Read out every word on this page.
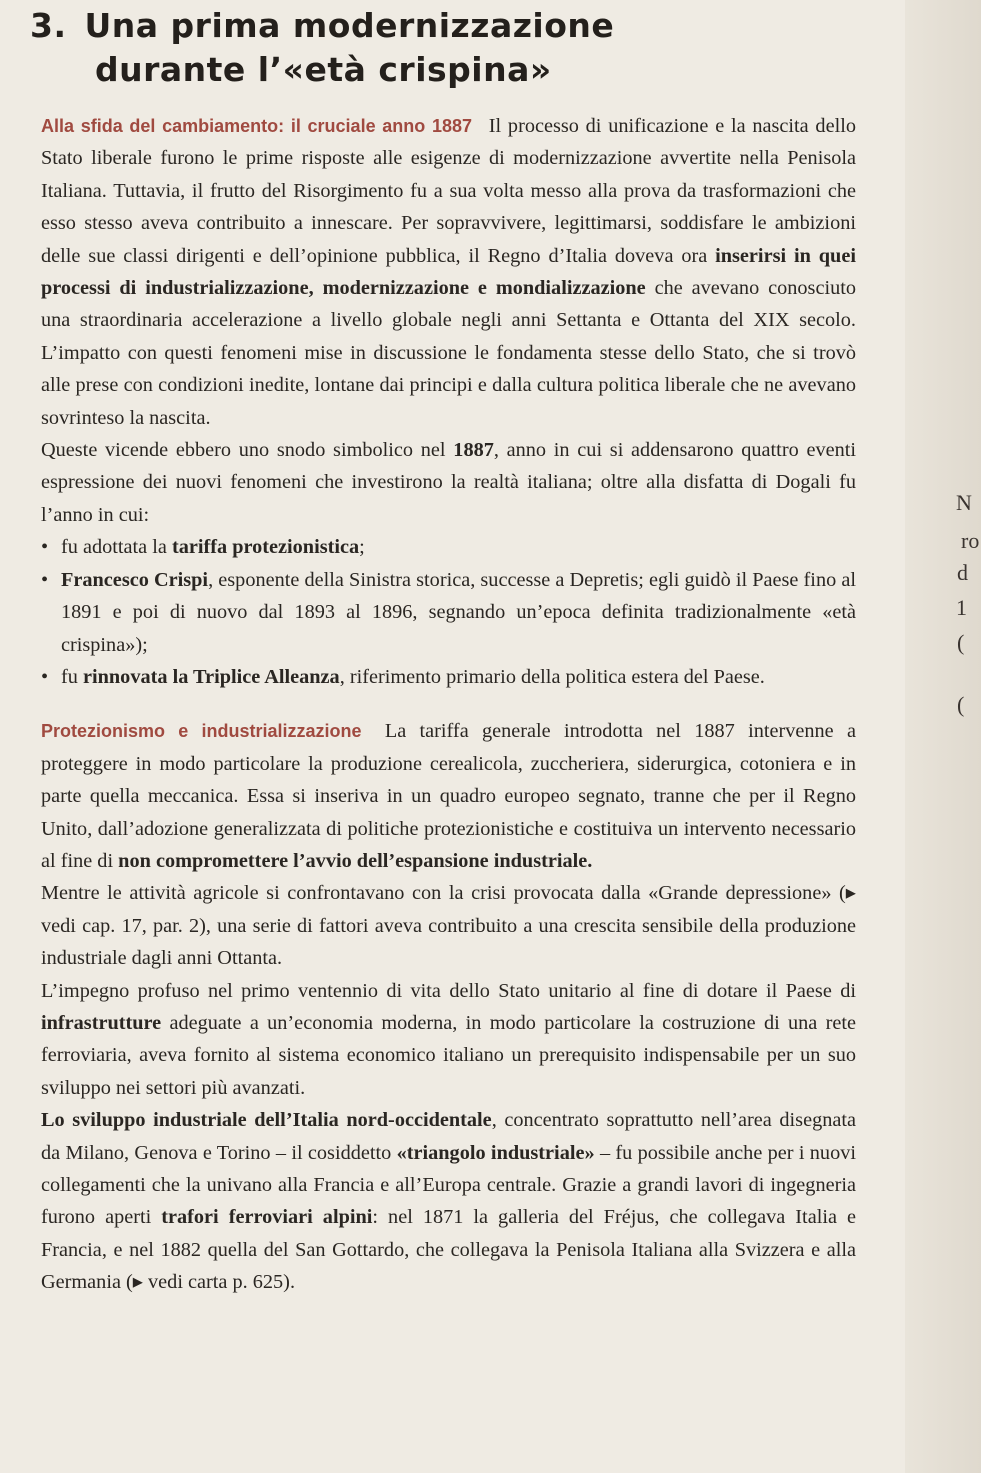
N
ro
d
1
(
(
3. Una prima modernizzazione
durante l’«età crispina»

Alla sfida del cambiamento: il cruciale anno 1887 Il processo di unificazione e la nascita dello Stato liberale furono le prime risposte alle esigenze di modernizzazione avvertite nella Penisola Italiana. Tuttavia, il frutto del Risorgimento fu a sua volta messo alla prova da trasformazioni che esso stesso aveva contribuito a innescare. Per sopravvivere, legittimarsi, soddisfare le ambizioni delle sue classi dirigenti e dell’opinione pubblica, il Regno d’Italia doveva ora inserirsi in quei processi di industrializzazione, modernizzazione e mondializzazione che avevano conosciuto una straordinaria accelerazione a livello globale negli anni Settanta e Ottanta del XIX secolo. L’impatto con questi fenomeni mise in discussione le fondamenta stesse dello Stato, che si trovò alle prese con condizioni inedite, lontane dai principi e dalla cultura politica liberale che ne avevano sovrinteso la nascita.

Queste vicende ebbero uno snodo simbolico nel 1887, anno in cui si addensarono quattro eventi espressione dei nuovi fenomeni che investirono la realtà italiana; oltre alla disfatta di Dogali fu l’anno in cui:

• fu adottata la tariffa protezionistica;
• Francesco Crispi, esponente della Sinistra storica, successe a Depretis; egli guidò il Paese fino al 1891 e poi di nuovo dal 1893 al 1896, segnando un’epoca definita tradizionalmente «età crispina»);
• fu rinnovata la Triplice Alleanza, riferimento primario della politica estera del Paese.

Protezionismo e industrializzazione La tariffa generale introdotta nel 1887 intervenne a proteggere in modo particolare la produzione cerealicola, zuccheriera, siderurgica, cotoniera e in parte quella meccanica. Essa si inseriva in un quadro europeo segnato, tranne che per il Regno Unito, dall’adozione generalizzata di politiche protezionistiche e costituiva un intervento necessario al fine di non compromettere l’avvio dell’espansione industriale.

Mentre le attività agricole si confrontavano con la crisi provocata dalla «Grande depressione» (▸ vedi cap. 17, par. 2), una serie di fattori aveva contribuito a una crescita sensibile della produzione industriale dagli anni Ottanta.

L’impegno profuso nel primo ventennio di vita dello Stato unitario al fine di dotare il Paese di infrastrutture adeguate a un’economia moderna, in modo particolare la costruzione di una rete ferroviaria, aveva fornito al sistema economico italiano un prerequisito indispensabile per un suo sviluppo nei settori più avanzati.

Lo sviluppo industriale dell’Italia nord-occidentale, concentrato soprattutto nell’area disegnata da Milano, Genova e Torino – il cosiddetto «triangolo industriale» – fu possibile anche per i nuovi collegamenti che la univano alla Francia e all’Europa centrale. Grazie a grandi lavori di ingegneria furono aperti trafori ferroviari alpini: nel 1871 la galleria del Fréjus, che collegava Italia e Francia, e nel 1882 quella del San Gottardo, che collegava la Penisola Italiana alla Svizzera e alla Germania (▸ vedi carta p. 625).
